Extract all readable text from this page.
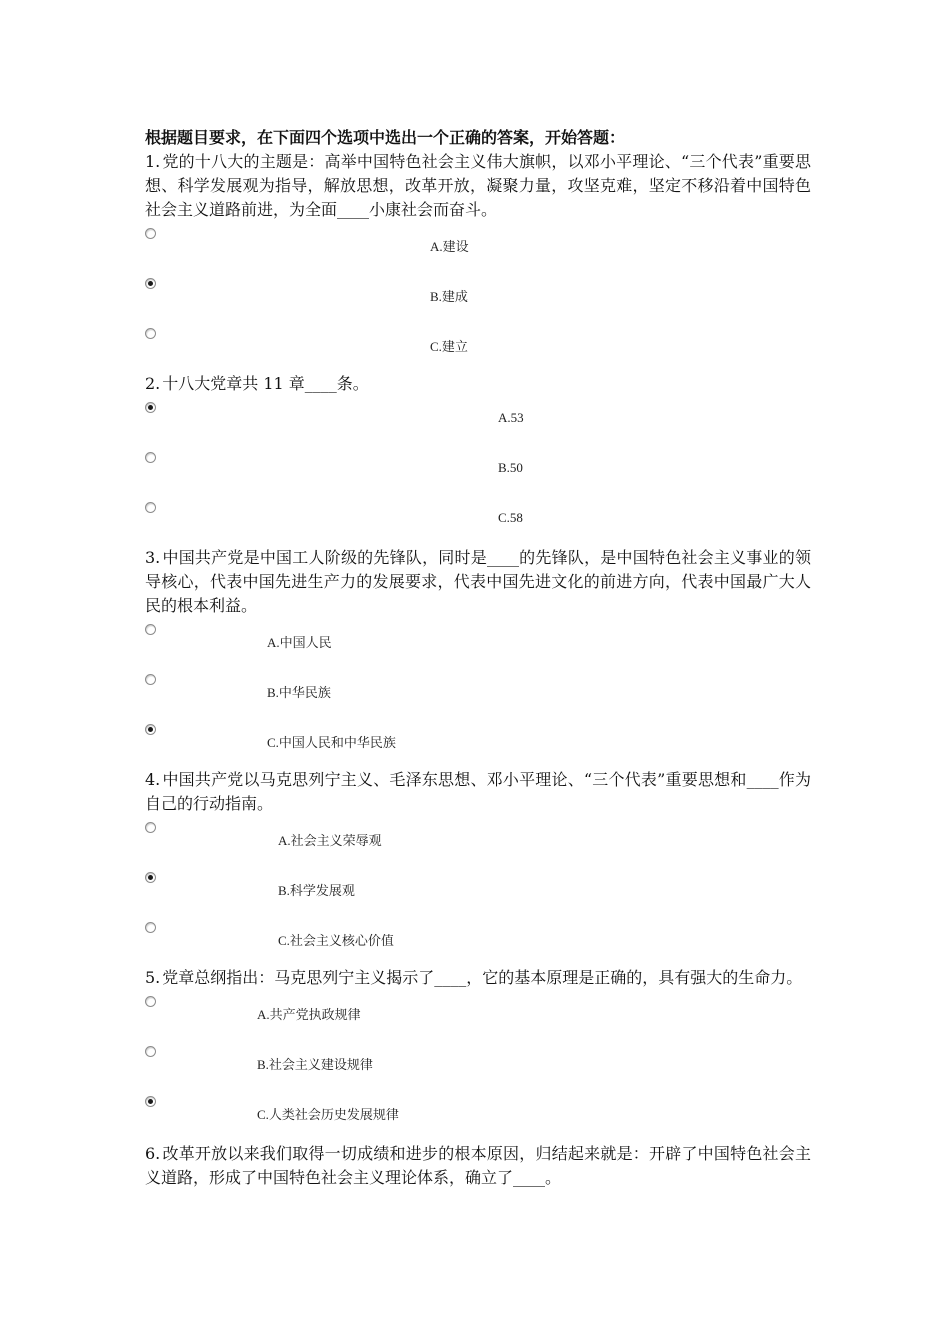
根据题目要求，在下面四个选项中选出一个正确的答案，开始答题：

1. 党的十八大的主题是：高举中国特色社会主义伟大旗帜，以邓小平理论、“三个代表”重要思想、科学发展观为指导，解放思想，改革开放，凝聚力量，攻坚克难，坚定不移沿着中国特色社会主义道路前进，为全面____小康社会而奋斗。

A.建设
B.建成
C.建立

2. 十八大党章共 11 章____条。

A.53
B.50
C.58

3. 中国共产党是中国工人阶级的先锋队，同时是____的先锋队，是中国特色社会主义事业的领导核心，代表中国先进生产力的发展要求，代表中国先进文化的前进方向，代表中国最广大人民的根本利益。

A.中国人民
B.中华民族
C.中国人民和中华民族

4. 中国共产党以马克思列宁主义、毛泽东思想、邓小平理论、“三个代表”重要思想和____作为自己的行动指南。

A.社会主义荣辱观
B.科学发展观
C.社会主义核心价值

5. 党章总纲指出：马克思列宁主义揭示了____，它的基本原理是正确的，具有强大的生命力。

A.共产党执政规律
B.社会主义建设规律
C.人类社会历史发展规律

6. 改革开放以来我们取得一切成绩和进步的根本原因，归结起来就是：开辟了中国特色社会主义道路，形成了中国特色社会主义理论体系，确立了____。
